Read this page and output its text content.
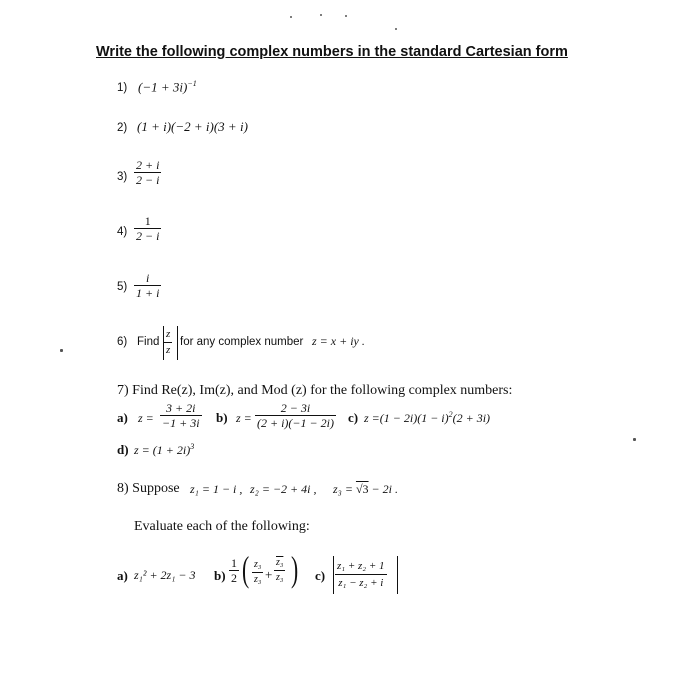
Write the following complex numbers in the standard Cartesian form
1) $(-1 + 3i)^{-1}$
2) (1 + i)(−2 + i)(3 + i)
$3) \frac{2 + i}{2 - i}$
$4) \frac{1}{2 - i}$
$5) \frac{i}{1 + i}$
6) Find $\frac{z}{z}$ for any complex number z = x + iy .
7) Find Re(z), Im(z), and Mod (z) for the following complex numbers:
a) $z = \frac{3 + 2i}{-1 + 3i} b$) $z = \frac{2 - 3i}{(2 + i)(-1 - 2i)} c$) $z =(1 - 2i)(1 - i)^2(2 + 3i)$
d) $z = (1 + 2i)^3$
8) Suppose z₁ = 1 − i , z₂ = −2 + 4i , z₃ = √3 − 2i .
Evaluate each of the following:
a) z₁² + 2z₁ − 3 $b) \frac{1}{2}$ ( $\frac{\text{z₃}}{\text{z₃}} + \frac{\text{z₃}}{\text{z₃}}$ ) $c) \frac{\text{z₁ + z₂ + 1}}{\text{z₁ − z₂ + i}}$
